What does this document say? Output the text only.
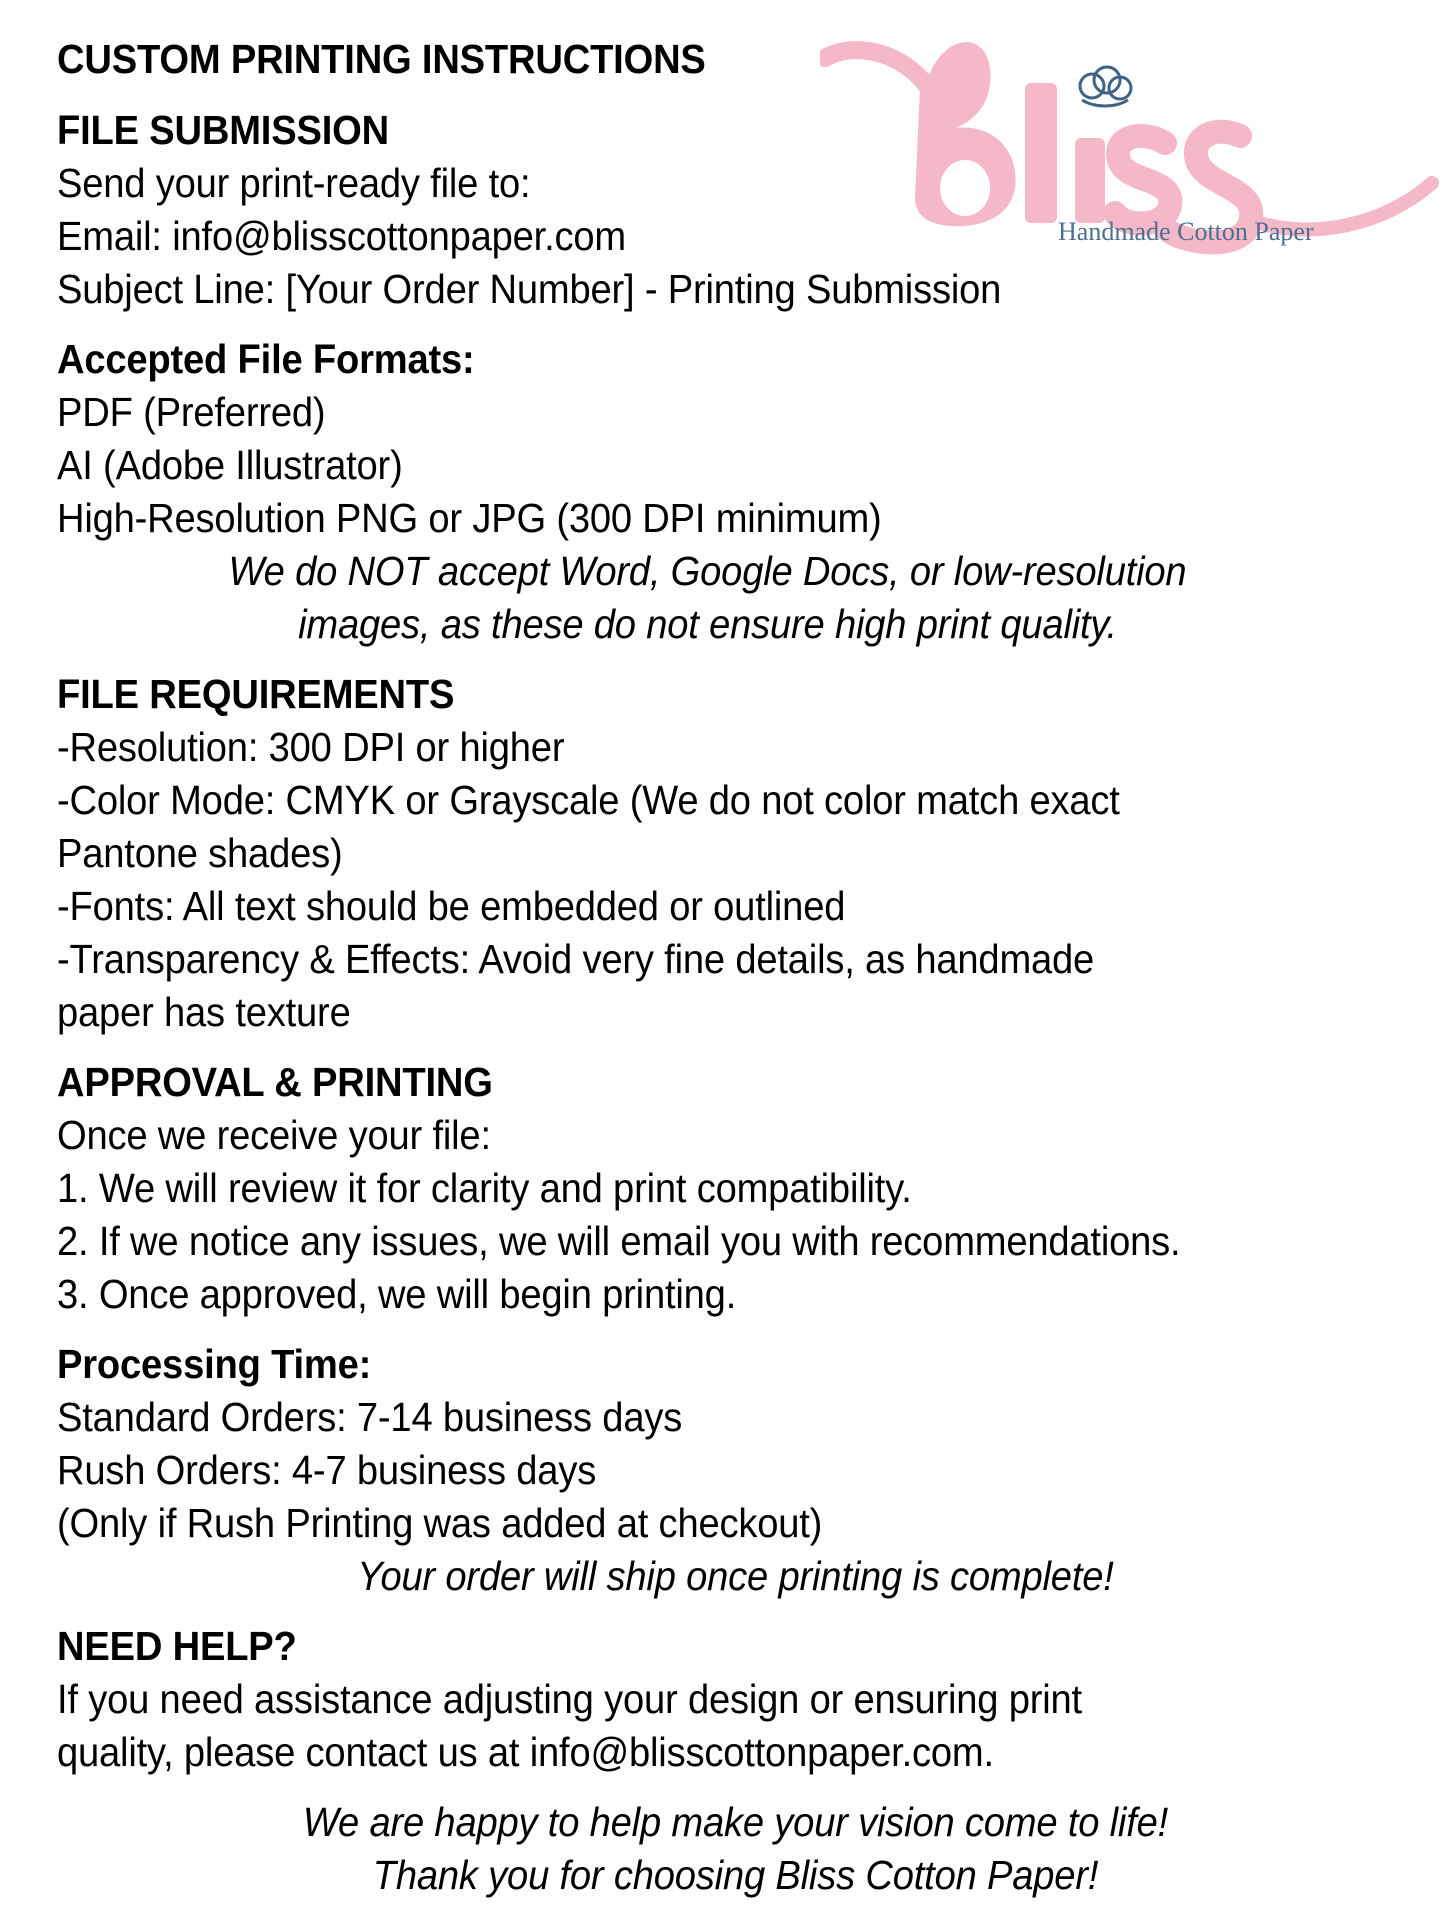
Handmade Cotton Paper
CUSTOM PRINTING INSTRUCTIONS
FILE SUBMISSION
Send your print-ready file to:
Email: info@blisscottonpaper.com
Subject Line: [Your Order Number] - Printing Submission
Accepted File Formats:
PDF (Preferred)
AI (Adobe Illustrator)
High-Resolution PNG or JPG (300 DPI minimum)
We do NOT accept Word, Google Docs, or low-resolution
images, as these do not ensure high print quality.
FILE REQUIREMENTS
-Resolution: 300 DPI or higher
-Color Mode: CMYK or Grayscale (We do not color match exact
Pantone shades)
-Fonts: All text should be embedded or outlined
-Transparency & Effects: Avoid very fine details, as handmade
paper has texture
APPROVAL & PRINTING
Once we receive your file:
1. We will review it for clarity and print compatibility.
2. If we notice any issues, we will email you with recommendations.
3. Once approved, we will begin printing.
Processing Time:
Standard Orders: 7-14 business days
Rush Orders: 4-7 business days
(Only if Rush Printing was added at checkout)
Your order will ship once printing is complete!
NEED HELP?
If you need assistance adjusting your design or ensuring print
quality, please contact us at info@blisscottonpaper.com.
We are happy to help make your vision come to life!
Thank you for choosing Bliss Cotton Paper!
